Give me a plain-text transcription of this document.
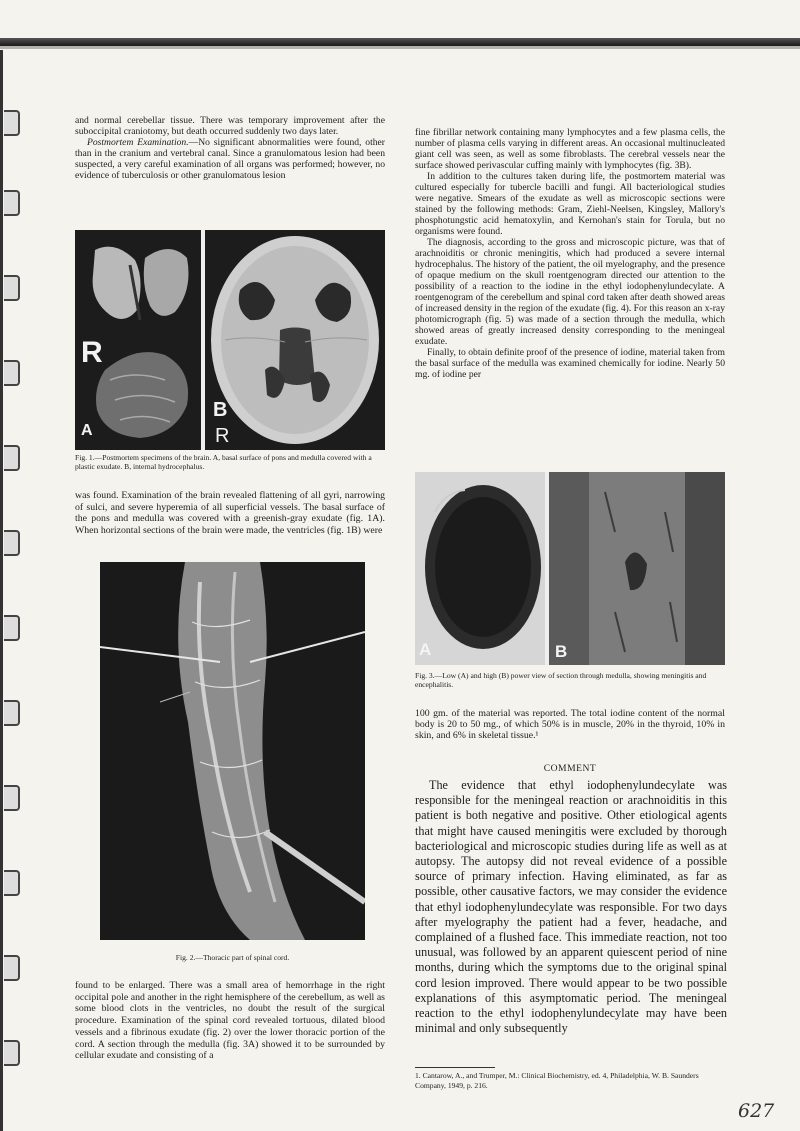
and normal cerebellar tissue. There was temporary improvement after the suboccipital craniotomy, but death occurred suddenly two days later.

Postmortem Examination.—No significant abnormalities were found, other than in the cranium and vertebral canal. Since a granulomatous lesion had been suspected, a very careful examination of all organs was performed; however, no evidence of tuberculosis or other granulomatous lesion

R
A
B
R
Fig. 1.—Postmortem specimens of the brain. A, basal surface of pons and medulla covered with a plastic exudate. B, internal hydrocephalus.

was found. Examination of the brain revealed flattening of all gyri, narrowing of sulci, and severe hyperemia of all superficial vessels. The basal surface of the pons and medulla was covered with a greenish-gray exudate (fig. 1A). When horizontal sections of the brain were made, the ventricles (fig. 1B) were

Fig. 2.—Thoracic part of spinal cord.

found to be enlarged. There was a small area of hemorrhage in the right occipital pole and another in the right hemisphere of the cerebellum, as well as some blood clots in the ventricles, no doubt the result of the surgical procedure. Examination of the spinal cord revealed tortuous, dilated blood vessels and a fibrinous exudate (fig. 2) over the lower thoracic portion of the cord. A section through the medulla (fig. 3A) showed it to be surrounded by cellular exudate and consisting of a

fine fibrillar network containing many lymphocytes and a few plasma cells, the number of plasma cells varying in different areas. An occasional multinucleated giant cell was seen, as well as some fibroblasts. The cerebral vessels near the surface showed perivascular cuffing mainly with lymphocytes (fig. 3B).

In addition to the cultures taken during life, the postmortem material was cultured especially for tubercle bacilli and fungi. All bacteriological studies were negative. Smears of the exudate as well as microscopic sections were stained by the following methods: Gram, Ziehl-Neelsen, Kingsley, Mallory's phosphotungstic acid hematoxylin, and Kernohan's stain for Torula, but no organisms were found.

The diagnosis, according to the gross and microscopic picture, was that of arachnoiditis or chronic meningitis, which had produced a severe internal hydrocephalus. The history of the patient, the oil myelography, and the presence of opaque medium on the skull roentgenogram directed our attention to the possibility of a reaction to the iodine in the ethyl iodophenylundecylate. A roentgenogram of the cerebellum and spinal cord taken after death showed areas of increased density in the region of the exudate (fig. 4). For this reason an x-ray photomicrograph (fig. 5) was made of a section through the medulla, which showed areas of greatly increased density corresponding to the meningeal exudate.

Finally, to obtain definite proof of the presence of iodine, material taken from the basal surface of the medulla was examined chemically for iodine. Nearly 50 mg. of iodine per

A	B
Fig. 3.—Low (A) and high (B) power view of section through medulla, showing meningitis and encephalitis.

100 gm. of the material was reported. The total iodine content of the normal body is 20 to 50 mg., of which 50% is in muscle, 20% in the thyroid, 10% in skin, and 6% in skeletal tissue.¹

COMMENT

The evidence that ethyl iodophenylundecylate was responsible for the meningeal reaction or arachnoiditis in this patient is both negative and positive. Other etiological agents that might have caused meningitis were excluded by thorough bacteriological and microscopic studies during life as well as at autopsy. The autopsy did not reveal evidence of a possible source of primary infection. Having eliminated, as far as possible, other causative factors, we may consider the evidence that ethyl iodophenylundecylate was responsible. For two days after myelography the patient had a fever, headache, and complained of a flushed face. This immediate reaction, not too unusual, was followed by an apparent quiescent period of nine months, during which the symptoms due to the original spinal cord lesion improved. There would appear to be two possible explanations of this asymptomatic period. The meningeal reaction to the ethyl iodophenylundecylate may have been minimal and only subsequently

1. Cantarow, A., and Trumper, M.: Clinical Biochemistry, ed. 4, Philadelphia, W. B. Saunders Company, 1949, p. 216.
627
